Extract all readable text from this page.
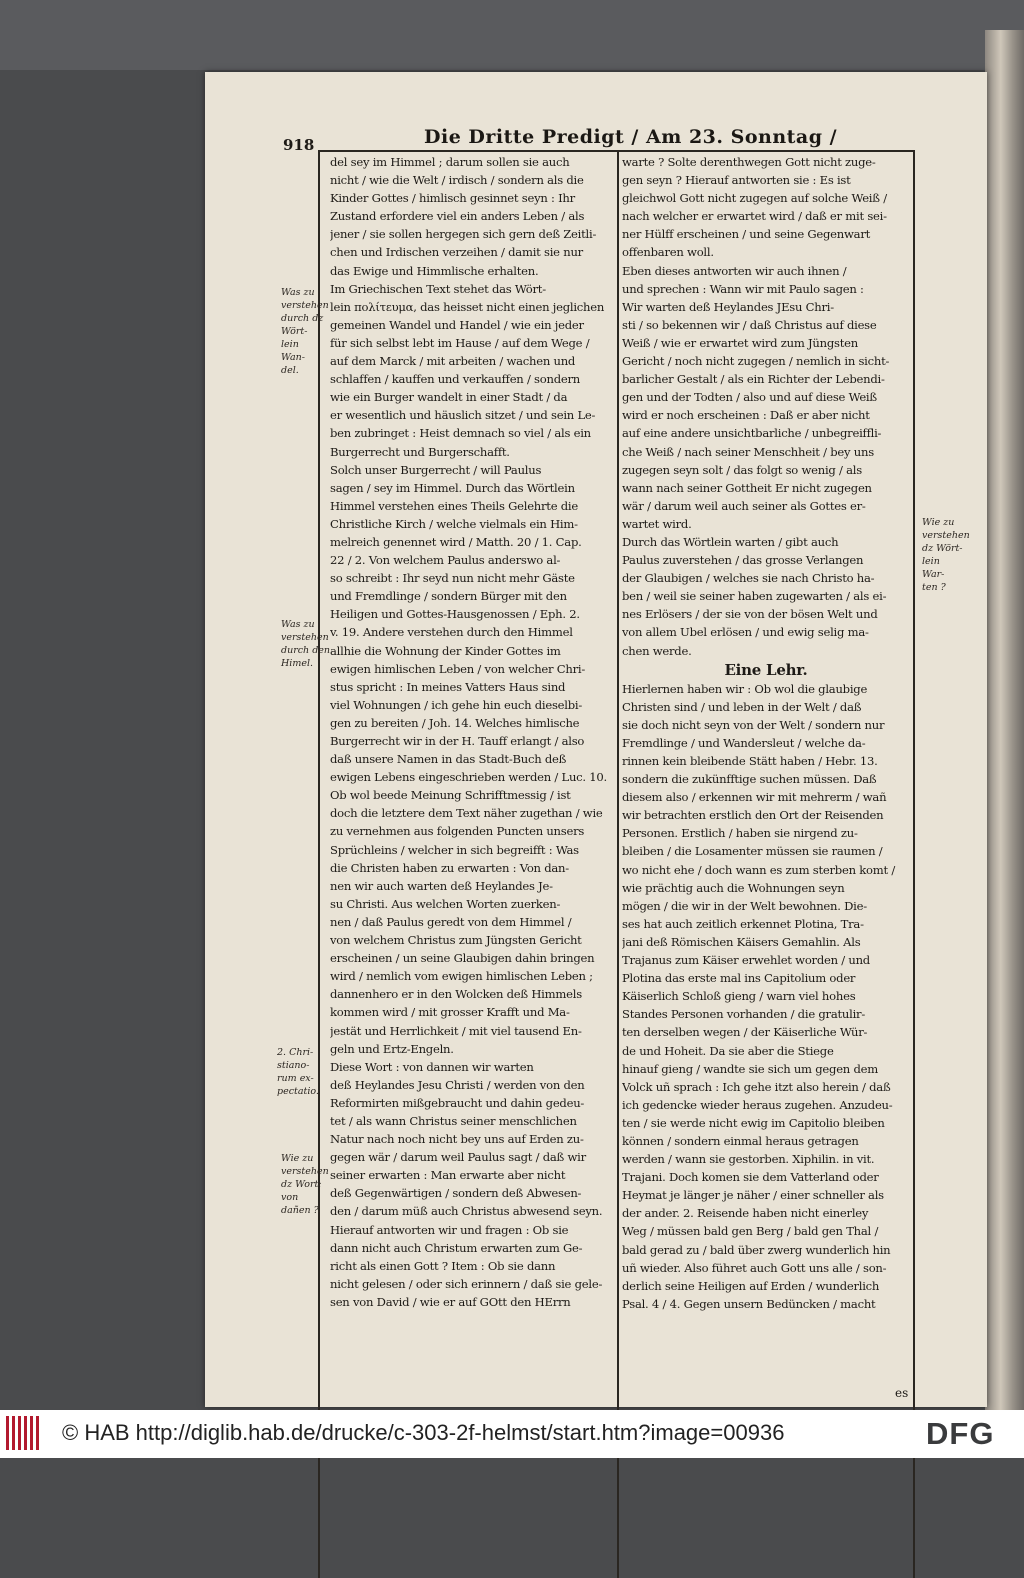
918	Die Dritte Predigt / Am 23. Sonntag /
del sey im Himmel ; darum sollen sie auch
nicht / wie die Welt / irdisch / sondern als die
Kinder Gottes / himlisch gesinnet seyn : Ihr
Zustand erfordere viel ein anders Leben / als
jener / sie sollen hergegen sich gern deß Zeitli-
chen und Irdischen verzeihen / damit sie nur
das Ewige und Himmlische erhalten.
Im Griechischen Text stehet das Wört-
lein πολίτευμα, das heisset nicht einen jeglichen
gemeinen Wandel und Handel / wie ein jeder
für sich selbst lebt im Hause / auf dem Wege /
auf dem Marck / mit arbeiten / wachen und
schlaffen / kauffen und verkauffen / sondern
wie ein Burger wandelt in einer Stadt / da
er wesentlich und häuslich sitzet / und sein Le-
ben zubringet : Heist demnach so viel / als ein
Burgerrecht und Burgerschafft.
Solch unser Burgerrecht / will Paulus
sagen / sey im Himmel. Durch das Wörtlein
Himmel verstehen eines Theils Gelehrte die
Christliche Kirch / welche vielmals ein Him-
melreich genennet wird / Matth. 20 / 1. Cap.
22 / 2. Von welchem Paulus anderswo al-
so schreibt : Ihr seyd nun nicht mehr Gäste
und Fremdlinge / sondern Bürger mit den
Heiligen und Gottes-Hausgenossen / Eph. 2.
v. 19. Andere verstehen durch den Himmel
allhie die Wohnung der Kinder Gottes im
ewigen himlischen Leben / von welcher Chri-
stus spricht : In meines Vatters Haus sind
viel Wohnungen / ich gehe hin euch dieselbi-
gen zu bereiten / Joh. 14. Welches himlische
Burgerrecht wir in der H. Tauff erlangt / also
daß unsere Namen in das Stadt-Buch deß
ewigen Lebens eingeschrieben werden / Luc. 10.
Ob wol beede Meinung Schrifftmessig / ist
doch die letztere dem Text näher zugethan / wie
zu vernehmen aus folgenden Puncten unsers
Sprüchleins / welcher in sich begreifft : Was
die Christen haben zu erwarten : Von dan-
nen wir auch warten deß Heylandes Je-
su Christi. Aus welchen Worten zuerken-
nen / daß Paulus geredt von dem Himmel /
von welchem Christus zum Jüngsten Gericht
erscheinen / un seine Glaubigen dahin bringen
wird / nemlich vom ewigen himlischen Leben ;
dannenhero er in den Wolcken deß Himmels
kommen wird / mit grosser Krafft und Ma-
jestät und Herrlichkeit / mit viel tausend En-
geln und Ertz-Engeln.
Diese Wort : von dannen wir warten
deß Heylandes Jesu Christi / werden von den
Reformirten mißgebraucht und dahin gedeu-
tet / als wann Christus seiner menschlichen
Natur nach noch nicht bey uns auf Erden zu-
gegen wär / darum weil Paulus sagt / daß wir
seiner erwarten : Man erwarte aber nicht
deß Gegenwärtigen / sondern deß Abwesen-
den / darum müß auch Christus abwesend seyn.
Hierauf antworten wir und fragen : Ob sie
dann nicht auch Christum erwarten zum Ge-
richt als einen Gott ? Item : Ob sie dann
nicht gelesen / oder sich erinnern / daß sie gele-
sen von David / wie er auf GOtt den HErrn
warte ? Solte derenthwegen Gott nicht zuge-
gen seyn ? Hierauf antworten sie : Es ist
gleichwol Gott nicht zugegen auf solche Weiß /
nach welcher er erwartet wird / daß er mit sei-
ner Hülff erscheinen / und seine Gegenwart
offenbaren woll.
Eben dieses antworten wir auch ihnen /
und sprechen : Wann wir mit Paulo sagen :
Wir warten deß Heylandes JEsu Chri-
sti / so bekennen wir / daß Christus auf diese
Weiß / wie er erwartet wird zum Jüngsten
Gericht / noch nicht zugegen / nemlich in sicht-
barlicher Gestalt / als ein Richter der Lebendi-
gen und der Todten / also und auf diese Weiß
wird er noch erscheinen : Daß er aber nicht
auf eine andere unsichtbarliche / unbegreiffli-
che Weiß / nach seiner Menschheit / bey uns
zugegen seyn solt / das folgt so wenig / als
wann nach seiner Gottheit Er nicht zugegen
wär / darum weil auch seiner als Gottes er-
wartet wird.
Durch das Wörtlein warten / gibt auch
Paulus zuverstehen / das grosse Verlangen
der Glaubigen / welches sie nach Christo ha-
ben / weil sie seiner haben zugewarten / als ei-
nes Erlösers / der sie von der bösen Welt und
von allem Ubel erlösen / und ewig selig ma-
chen werde.
Eine Lehr.
Hierlernen haben wir : Ob wol die glaubige
Christen sind / und leben in der Welt / daß
sie doch nicht seyn von der Welt / sondern nur
Fremdlinge / und Wandersleut / welche da-
rinnen kein bleibende Stätt haben / Hebr. 13.
sondern die zukünfftige suchen müssen. Daß
diesem also / erkennen wir mit mehrerm / wañ
wir betrachten erstlich den Ort der Reisenden
Personen. Erstlich / haben sie nirgend zu-
bleiben / die Losamenter müssen sie raumen /
wo nicht ehe / doch wann es zum sterben komt /
wie prächtig auch die Wohnungen seyn
mögen / die wir in der Welt bewohnen. Die-
ses hat auch zeitlich erkennet Plotina, Tra-
jani deß Römischen Käisers Gemahlin. Als
Trajanus zum Käiser erwehlet worden / und
Plotina das erste mal ins Capitolium oder
Käiserlich Schloß gieng / warn viel hohes
Standes Personen vorhanden / die gratulir-
ten derselben wegen / der Käiserliche Wür-
de und Hoheit. Da sie aber die Stiege
hinauf gieng / wandte sie sich um gegen dem
Volck uñ sprach : Ich gehe itzt also herein / daß
ich gedencke wieder heraus zugehen. Anzudeu-
ten / sie werde nicht ewig im Capitolio bleiben
können / sondern einmal heraus getragen
werden / wann sie gestorben. Xiphilin. in vit.
Trajani. Doch komen sie dem Vatterland oder
Heymat je länger je näher / einer schneller als
der ander. 2. Reisende haben nicht einerley
Weg / müssen bald gen Berg / bald gen Thal /
bald gerad zu / bald über zwerg wunderlich hin
uñ wieder. Also führet auch Gott uns alle / son-
derlich seine Heiligen auf Erden / wunderlich
Psal. 4 / 4. Gegen unsern Bedüncken / macht
Was zu
verstehen
durch dz
Wört-
lein
Wan-
del.
Was zu
verstehen
durch den
Himel.
2. Chri-
stiano-
rum ex-
pectatio.
Wie zu
verstehen
dz Wort:
von
dañen ?
Wie zu
verstehen
dz Wört-
lein
War-
ten ?
es
© HAB http://diglib.hab.de/drucke/c-303-2f-helmst/start.htm?image=00936	DFG
